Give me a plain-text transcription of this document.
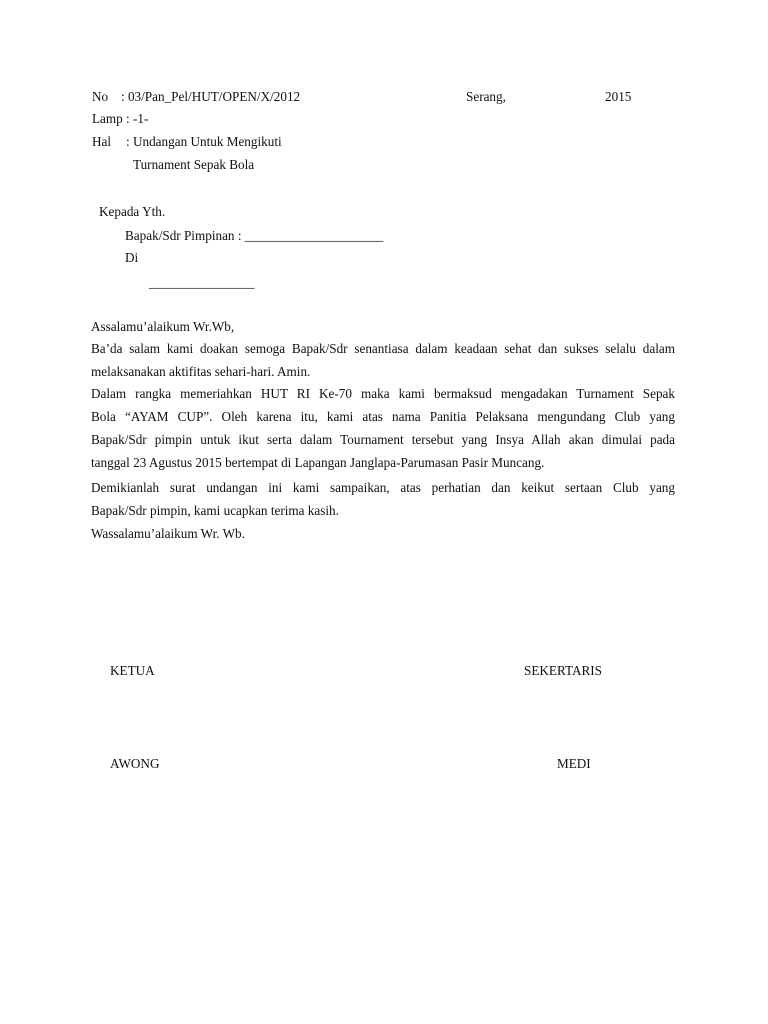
No : 03/Pan_Pel/HUT/OPEN/X/2012	Serang,	2015
Lamp : -1-
Hal : Undangan Untuk Mengikuti
Turnament Sepak Bola
Kepada Yth.
Bapak/Sdr Pimpinan : _____________________
Di
________________
Assalamu’alaikum Wr.Wb,
Ba’da salam kami doakan semoga Bapak/Sdr senantiasa dalam keadaan sehat dan sukses selalu dalam
melaksanakan aktifitas sehari-hari. Amin.
Dalam rangka memeriahkan HUT RI Ke-70 maka kami bermaksud mengadakan Turnament Sepak
Bola “AYAM CUP”. Oleh karena itu, kami atas nama Panitia Pelaksana mengundang Club yang
Bapak/Sdr pimpin untuk ikut serta dalam Tournament tersebut yang Insya Allah akan dimulai pada
tanggal 23 Agustus 2015 bertempat di Lapangan Janglapa-Parumasan Pasir Muncang.
Demikianlah surat undangan ini kami sampaikan, atas perhatian dan keikut sertaan Club yang
Bapak/Sdr pimpin, kami ucapkan terima kasih.
Wassalamu’alaikum Wr. Wb.
KETUA	SEKERTARIS
AWONG	MEDI
